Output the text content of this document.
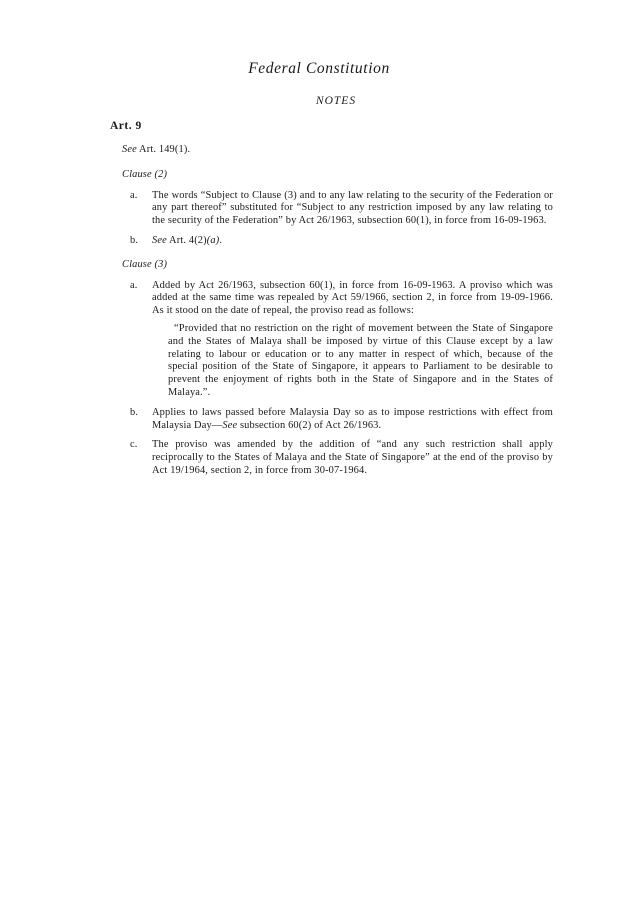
Federal Constitution
NOTES
Art. 9

See Art. 149(1).

Clause (2)

a. The words “Subject to Clause (3) and to any law relating to the security of the Federation or any part thereof” substituted for “Subject to any restriction imposed by any law relating to the security of the Federation” by Act 26/1963, subsection 60(1), in force from 16-09-1963.
b. See Art. 4(2)(a).

Clause (3)

a. Added by Act 26/1963, subsection 60(1), in force from 16-09-1963. A proviso which was added at the same time was repealed by Act 59/1966, section 2, in force from 19-09-1966. As it stood on the date of repeal, the proviso read as follows:
“Provided that no restriction on the right of movement between the State of Singapore and the States of Malaya shall be imposed by virtue of this Clause except by a law relating to labour or education or to any matter in respect of which, because of the special position of the State of Singapore, it appears to Parliament to be desirable to prevent the enjoyment of rights both in the State of Singapore and in the States of Malaya.”.
b. Applies to laws passed before Malaysia Day so as to impose restrictions with effect from Malaysia Day—See subsection 60(2) of Act 26/1963.
c. The proviso was amended by the addition of “and any such restriction shall apply reciprocally to the States of Malaya and the State of Singapore” at the end of the proviso by Act 19/1964, section 2, in force from 30-07-1964.
